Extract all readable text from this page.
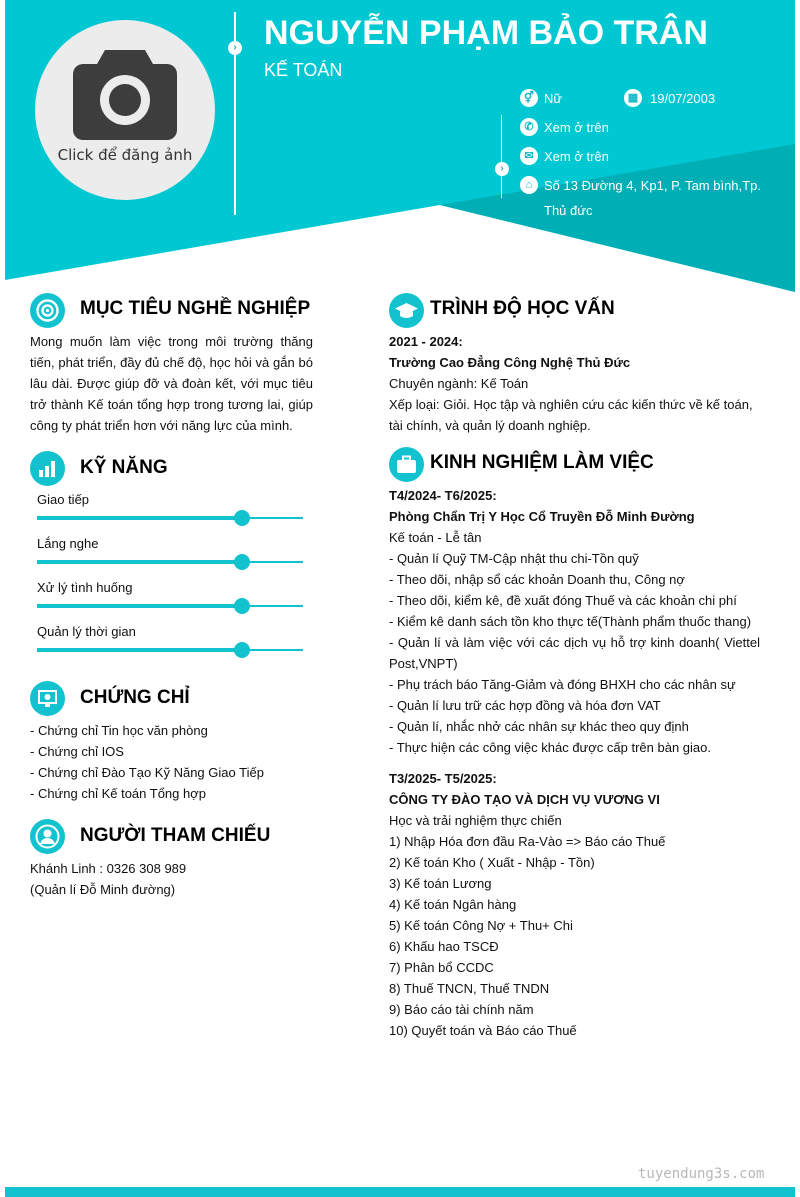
Click để đăng ảnh
›
›
NGUYỄN PHẠM BẢO TRÂN
KẾ TOÁN
⚥ Nữ	▦ 19/07/2003
✆ Xem ở trên
✉ Xem ở trên
⌂ Số 13 Đường 4, Kp1, P. Tam bình,Tp.
Thủ đức
MỤC TIÊU NGHỀ NGHIỆP
Mong muốn làm việc trong môi trường thăng tiến, phát triển, đầy đủ chế độ, học hỏi và gắn bó lâu dài. Được giúp đỡ và đoàn kết, với mục tiêu trở thành Kế toán tổng hợp trong tương lai, giúp công ty phát triển hơn với năng lực của mình.
KỸ NĂNG
Giao tiếp
Lắng nghe
Xử lý tình huống
Quản lý thời gian
CHỨNG CHỈ
- Chứng chỉ Tin học văn phòng
- Chứng chỉ IOS
- Chứng chỉ Đào Tạo Kỹ Năng Giao Tiếp
- Chứng chỉ Kế toán Tổng hợp
NGƯỜI THAM CHIẾU
Khánh Linh : 0326 308 989
(Quản lí Đỗ Minh đường)
TRÌNH ĐỘ HỌC VẤN
2021 - 2024:
Trường Cao Đẳng Công Nghệ Thủ Đức
Chuyên ngành: Kế Toán
Xếp loại: Giỏi. Học tập và nghiên cứu các kiến thức về kế toán, tài chính, và quản lý doanh nghiệp.
KINH NGHIỆM LÀM VIỆC
T4/2024- T6/2025:
Phòng Chẩn Trị Y Học Cổ Truyền Đỗ Minh Đường
Kế toán - Lễ tân
- Quản lí Quỹ TM-Cập nhật thu chi-Tồn quỹ
- Theo dõi, nhập sổ các khoản Doanh thu, Công nợ
- Theo dõi, kiểm kê, đề xuất đóng Thuế và các khoản chi phí
- Kiểm kê danh sách tồn kho thực tế(Thành phẩm thuốc thang)
- Quản lí và làm việc với các dịch vụ hỗ trợ kinh doanh( Viettel Post,VNPT)
- Phụ trách báo Tăng-Giảm và đóng BHXH cho các nhân sự
- Quản lí lưu trữ các hợp đồng và hóa đơn VAT
- Quản lí, nhắc nhở các nhân sự khác theo quy định
- Thực hiện các công việc khác được cấp trên bàn giao.
T3/2025- T5/2025:
CÔNG TY ĐÀO TẠO VÀ DỊCH VỤ VƯƠNG VI
Học và trải nghiệm thực chiến
1) Nhập Hóa đơn đầu Ra-Vào => Báo cáo Thuế
2) Kế toán Kho ( Xuất - Nhập - Tồn)
3) Kế toán Lương
4) Kế toán Ngân hàng
5) Kế toán Công Nợ + Thu+ Chi
6) Khấu hao TSCĐ
7) Phân bổ CCDC
8) Thuế TNCN, Thuế TNDN
9) Báo cáo tài chính năm
10) Quyết toán và Báo cáo Thuế
tuyendung3s.com
